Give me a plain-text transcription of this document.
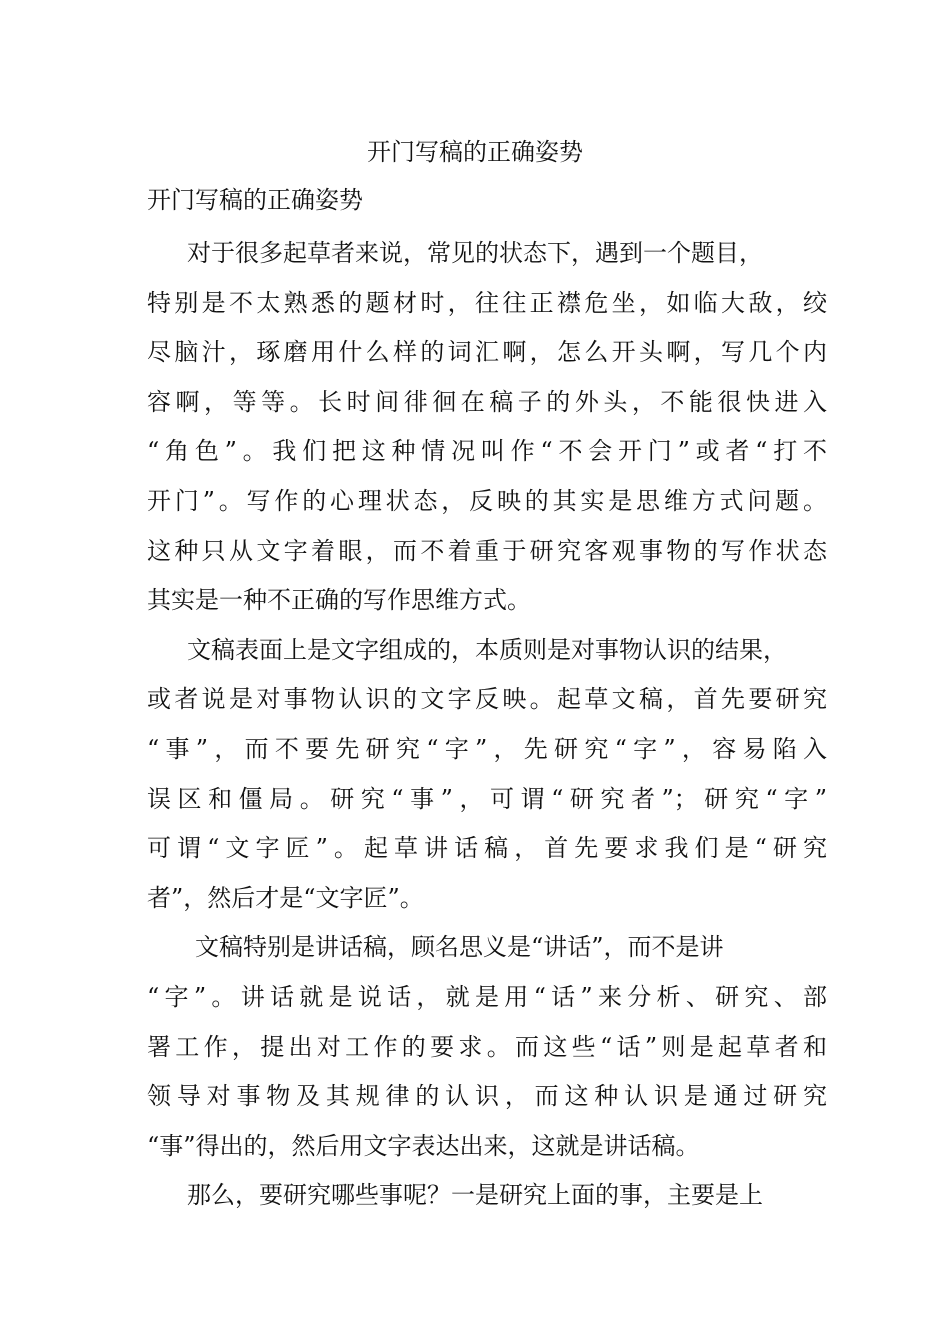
开门写稿的正确姿势
开门写稿的正确姿势
对于很多起草者来说，常见的状态下，遇到一个题目，
特别是不太熟悉的题材时，往往正襟危坐，如临大敌，绞
尽脑汁，琢磨用什么样的词汇啊，怎么开头啊，写几个内
容啊，等等。长时间徘徊在稿子的外头，不能很快进入
“角色”。我们把这种情况叫作“不会开门”或者“打不
开门”。写作的心理状态，反映的其实是思维方式问题。
这种只从文字着眼，而不着重于研究客观事物的写作状态
其实是一种不正确的写作思维方式。
文稿表面上是文字组成的，本质则是对事物认识的结果，
或者说是对事物认识的文字反映。起草文稿，首先要研究
“事”，而不要先研究“字”，先研究“字”，容易陷入
误区和僵局。研究“事”，可谓“研究者”；研究“字”
可谓“文字匠”。起草讲话稿，首先要求我们是“研究
者”，然后才是“文字匠”。
文稿特别是讲话稿，顾名思义是“讲话”，而不是讲
“字”。讲话就是说话，就是用“话”来分析、研究、部
署工作，提出对工作的要求。而这些“话”则是起草者和
领导对事物及其规律的认识，而这种认识是通过研究
“事”得出的，然后用文字表达出来，这就是讲话稿。
那么，要研究哪些事呢？一是研究上面的事，主要是上
